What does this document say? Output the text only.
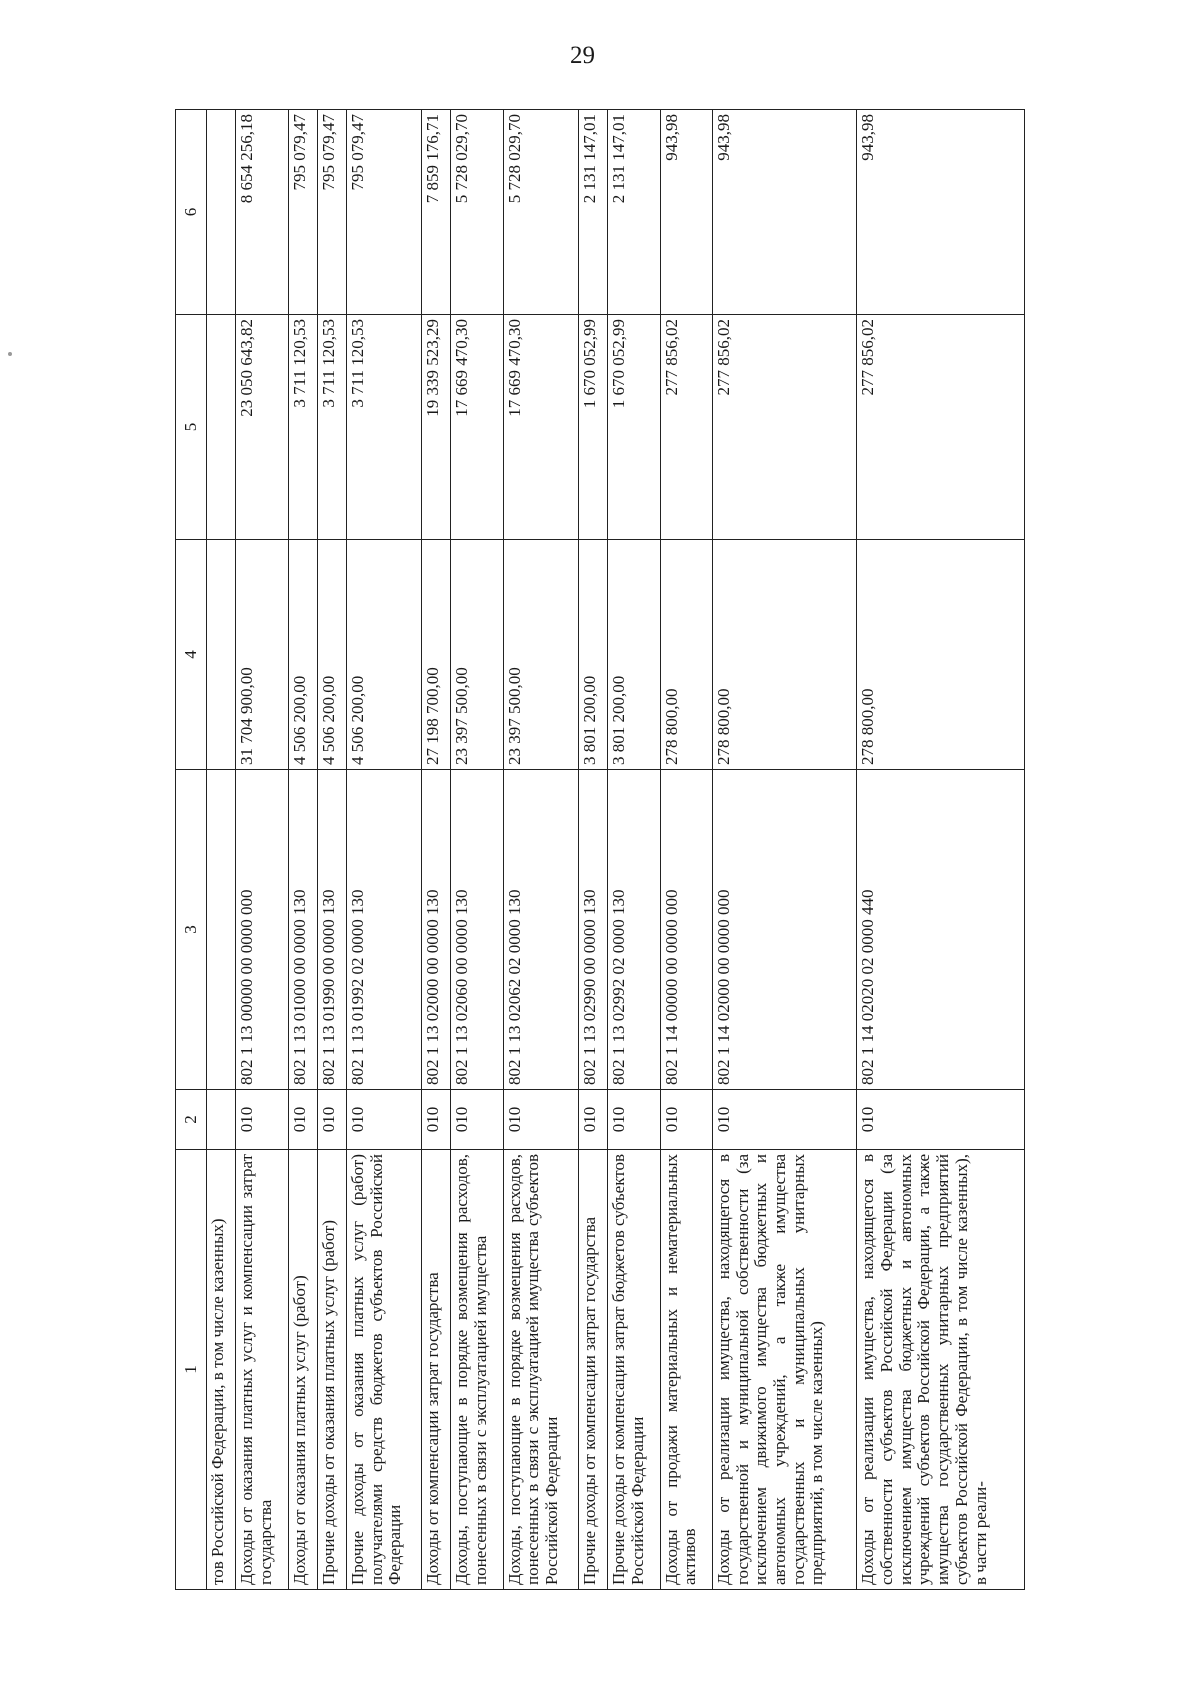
29
1	2	3	4	5	6
тов Российской Федерации, в том числе казенных)					
Доходы от оказания платных услуг и компенсации затрат государства	010	802 1 13 00000 00 0000 000	31 704 900,00	23 050 643,82	8 654 256,18
Доходы от оказания платных услуг (работ)	010	802 1 13 01000 00 0000 130	4 506 200,00	3 711 120,53	795 079,47
Прочие доходы от оказания платных услуг (работ)	010	802 1 13 01990 00 0000 130	4 506 200,00	3 711 120,53	795 079,47
Прочие доходы от оказания платных услуг (работ) получателями средств бюджетов субъектов Российской Федерации	010	802 1 13 01992 02 0000 130	4 506 200,00	3 711 120,53	795 079,47
Доходы от компенсации затрат государства	010	802 1 13 02000 00 0000 130	27 198 700,00	19 339 523,29	7 859 176,71
Доходы, поступающие в порядке возмещения расходов, понесенных в связи с эксплуатацией имущества	010	802 1 13 02060 00 0000 130	23 397 500,00	17 669 470,30	5 728 029,70
Доходы, поступающие в порядке возмещения расходов, понесенных в связи с эксплуатацией имущества субъектов Российской Федерации	010	802 1 13 02062 02 0000 130	23 397 500,00	17 669 470,30	5 728 029,70
Прочие доходы от компенсации затрат государства	010	802 1 13 02990 00 0000 130	3 801 200,00	1 670 052,99	2 131 147,01
Прочие доходы от компенсации затрат бюджетов субъектов Российской Федерации	010	802 1 13 02992 02 0000 130	3 801 200,00	1 670 052,99	2 131 147,01
Доходы от продажи материальных и нематериальных активов	010	802 1 14 00000 00 0000 000	278 800,00	277 856,02	943,98
Доходы от реализации имущества, находящегося в государственной и муниципальной собственности (за исключением движимого имущества бюджетных и автономных учреждений, а также имущества государственных и муниципальных унитарных предприятий, в том числе казенных)	010	802 1 14 02000 00 0000 000	278 800,00	277 856,02	943,98
Доходы от реализации имущества, находящегося в собственности субъектов Российской Федерации (за исключением имущества бюджетных и автономных учреждений субъектов Российской Федерации, а также имущества государственных унитарных предприятий субъектов Российской Федерации, в том числе казенных), в части реали-	010	802 1 14 02020 02 0000 440	278 800,00	277 856,02	943,98
